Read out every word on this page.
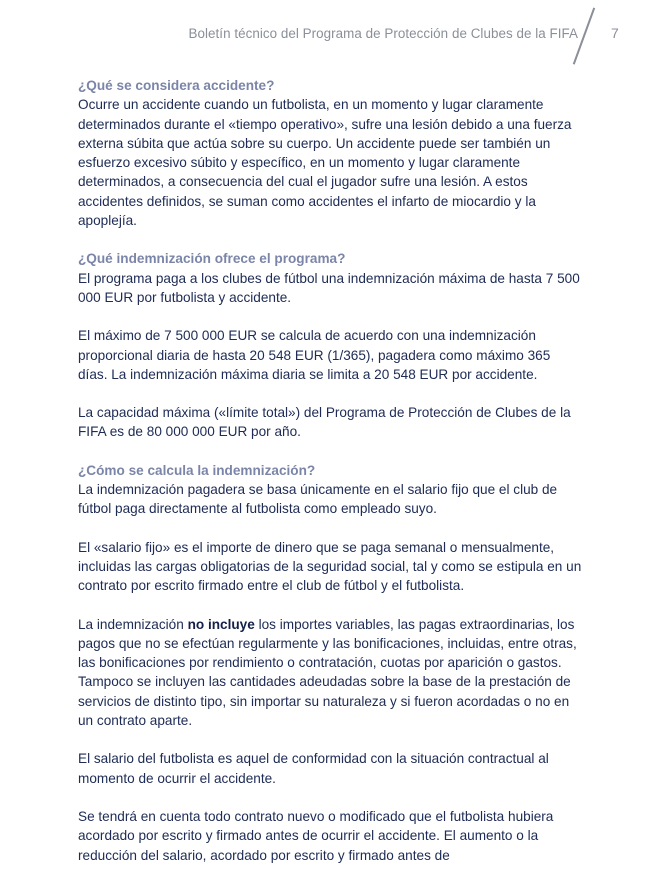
Boletín técnico del Programa de Protección de Clubes de la FIFA 7
¿Qué se considera accidente?

Ocurre un accidente cuando un futbolista, en un momento y lugar claramente determinados durante el «tiempo operativo», sufre una lesión debido a una fuerza externa súbita que actúa sobre su cuerpo. Un accidente puede ser también un esfuerzo excesivo súbito y específico, en un momento y lugar claramente determinados, a consecuencia del cual el jugador sufre una lesión. A estos accidentes definidos, se suman como accidentes el infarto de miocardio y la apoplejía.

¿Qué indemnización ofrece el programa?

El programa paga a los clubes de fútbol una indemnización máxima de hasta 7 500 000 EUR por futbolista y accidente.

El máximo de 7 500 000 EUR se calcula de acuerdo con una indemnización proporcional diaria de hasta 20 548 EUR (1/365), pagadera como máximo 365 días. La indemnización máxima diaria se limita a 20 548 EUR por accidente.

La capacidad máxima («límite total») del Programa de Protección de Clubes de la FIFA es de 80 000 000 EUR por año.

¿Cómo se calcula la indemnización?

La indemnización pagadera se basa únicamente en el salario fijo que el club de fútbol paga directamente al futbolista como empleado suyo.

El «salario fijo» es el importe de dinero que se paga semanal o mensualmente, incluidas las cargas obligatorias de la seguridad social, tal y como se estipula en un contrato por escrito firmado entre el club de fútbol y el futbolista.

La indemnización no incluye los importes variables, las pagas extraordinarias, los pagos que no se efectúan regularmente y las bonificaciones, incluidas, entre otras, las bonificaciones por rendimiento o contratación, cuotas por aparición o gastos. Tampoco se incluyen las cantidades adeudadas sobre la base de la prestación de servicios de distinto tipo, sin importar su naturaleza y si fueron acordadas o no en un contrato aparte.

El salario del futbolista es aquel de conformidad con la situación contractual al momento de ocurrir el accidente.

Se tendrá en cuenta todo contrato nuevo o modificado que el futbolista hubiera acordado por escrito y firmado antes de ocurrir el accidente. El aumento o la reducción del salario, acordado por escrito y firmado antes de
